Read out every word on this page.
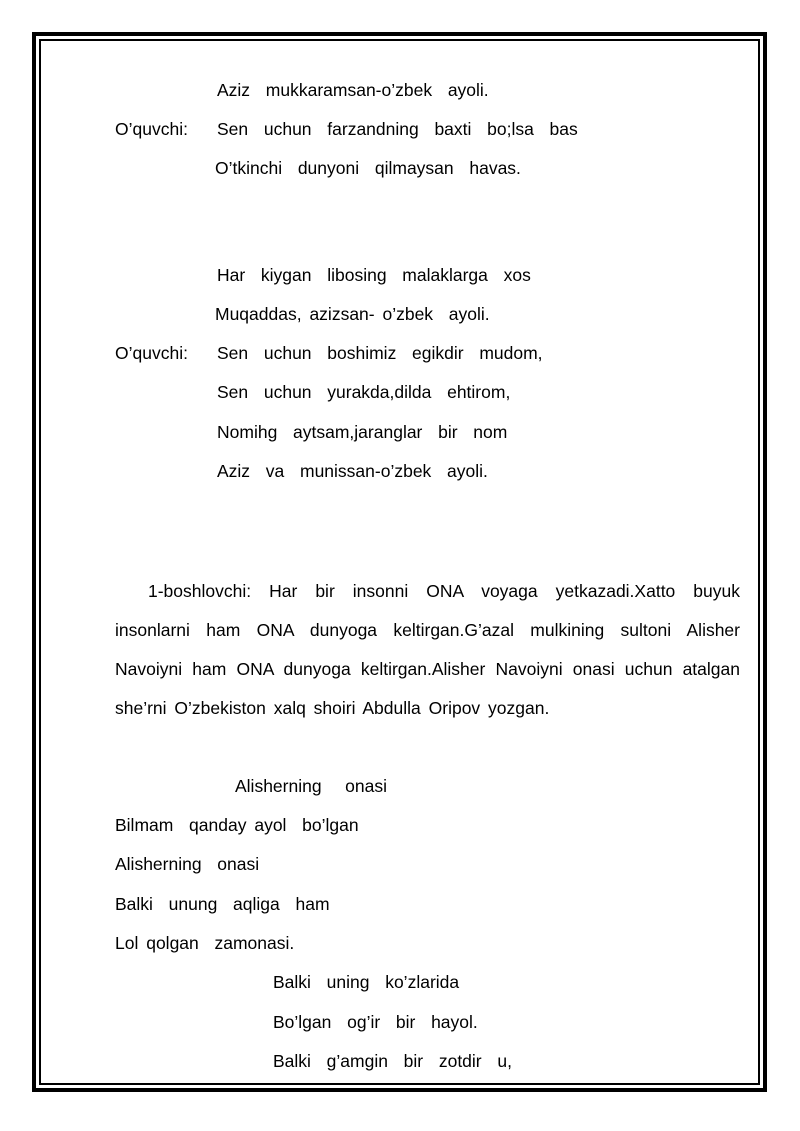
Aziz  mukkaramsan-o’zbek  ayoli.
O’quvchi: Sen  uchun  farzandning  baxti  bo;lsa  bas
O’tkinchi  dunyoni  qilmaysan  havas.
Har  kiygan  libosing  malaklarga  xos
Muqaddas, azizsan- o’zbek  ayoli.
O’quvchi: Sen  uchun  boshimiz  egikdir  mudom,
Sen  uchun  yurakda,dilda  ehtirom,
Nomihg  aytsam,jaranglar  bir  nom
Aziz  va  munissan-o’zbek  ayoli.
1-boshlovchi: Har bir insonni ONA voyaga yetkazadi.Xatto buyuk insonlarni ham ONA dunyoga keltirgan.G’azal mulkining sultoni Alisher Navoiyni ham ONA dunyoga keltirgan.Alisher Navoiyni onasi uchun atalgan she’rni O’zbekiston xalq shoiri Abdulla Oripov yozgan.
Alisherning   onasi
Bilmam  qanday ayol  bo’lgan
Alisherning  onasi
Balki  unung  aqliga  ham
Lol qolgan  zamonasi.
Balki  uning  ko’zlarida
Bo’lgan  og’ir  bir  hayol.
Balki  g’amgin  bir  zotdir  u,
